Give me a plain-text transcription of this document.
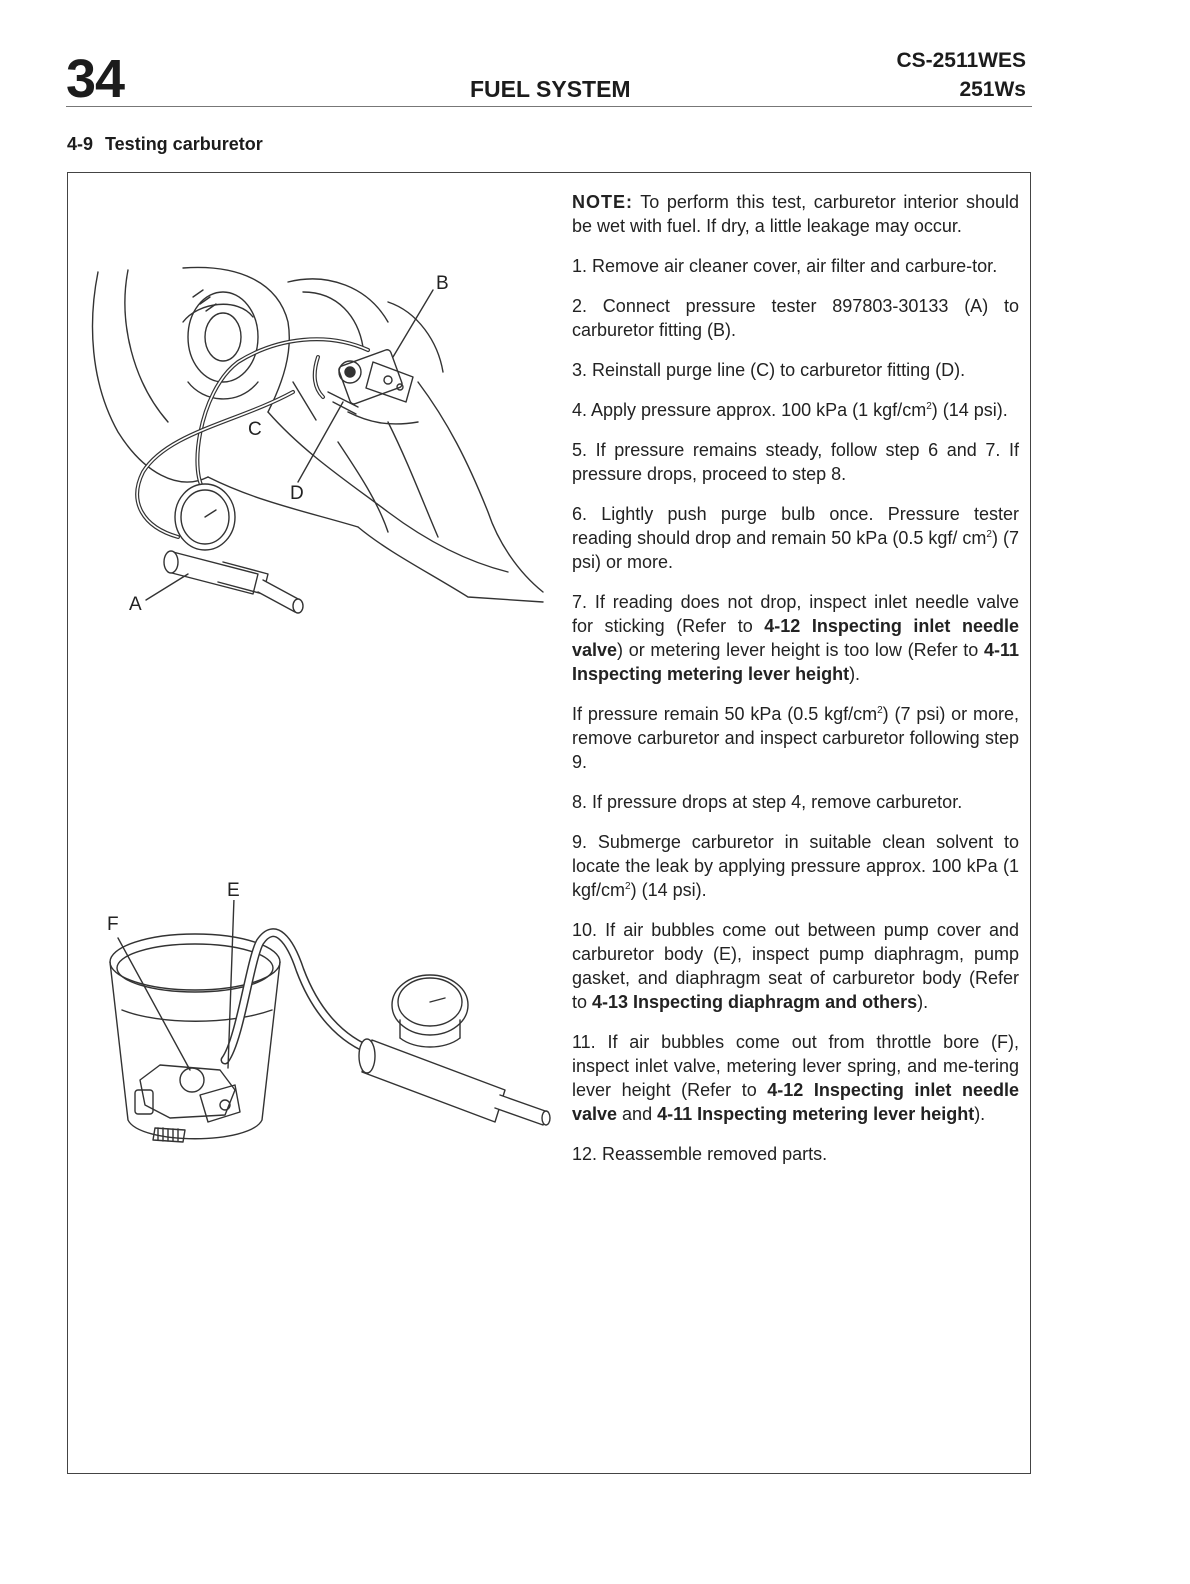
34	FUEL SYSTEM
CS-2511WES
251Ws
4-9 Testing carburetor
B
C
D
A
E
F

NOTE: To perform this test, carburetor interior should be wet with fuel. If dry, a little leakage may occur.

1. Remove air cleaner cover, air filter and carbure-tor.

2. Connect pressure tester 897803-30133 (A) to carburetor fitting (B).

3. Reinstall purge line (C) to carburetor fitting (D).

4. Apply pressure approx. 100 kPa (1 kgf/$cm^2$) (14 psi).

5. If pressure remains steady, follow step 6 and 7. If pressure drops, proceed to step 8.

6. Lightly push purge bulb once. Pressure tester reading should drop and remain 50 kPa (0.5 kgf/ $cm^2$) (7 psi) or more.

7. If reading does not drop, inspect inlet needle valve for sticking (Refer to 4-12 Inspecting inlet needle valve) or metering lever height is too low (Refer to 4-11 Inspecting metering lever height).

If pressure remain 50 kPa (0.5 kgf/$cm^2$) (7 psi) or more, remove carburetor and inspect carburetor following step 9.

8. If pressure drops at step 4, remove carburetor.

9. Submerge carburetor in suitable clean solvent to locate the leak by applying pressure approx. 100 kPa (1 kgf/$cm^2$) (14 psi).

10. If air bubbles come out between pump cover and carburetor body (E), inspect pump diaphragm, pump gasket, and diaphragm seat of carburetor body (Refer to 4-13 Inspecting diaphragm and others).

11. If air bubbles come out from throttle bore (F), inspect inlet valve, metering lever spring, and me-tering lever height (Refer to 4-12 Inspecting inlet needle valve and 4-11 Inspecting metering lever height).

12. Reassemble removed parts.
